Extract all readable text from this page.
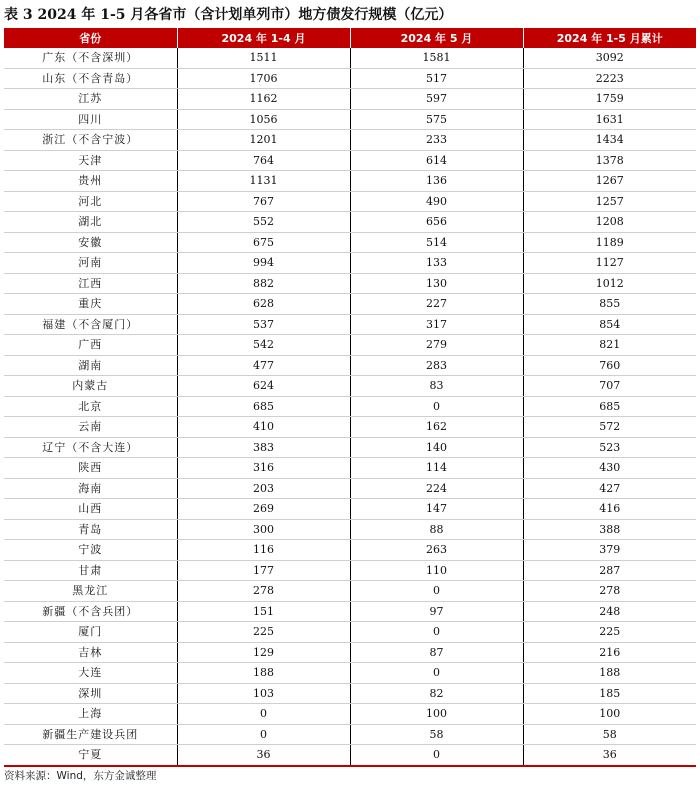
表 3 2024 年 1-5 月各省市（含计划单列市）地方债发行规模（亿元）
省份	2024 年 1-4 月	2024 年 5 月	2024 年 1-5 月累计
广东（不含深圳）	1511	1581	3092
山东（不含青岛）	1706	517	2223
江苏	1162	597	1759
四川	1056	575	1631
浙江（不含宁波）	1201	233	1434
天津	764	614	1378
贵州	1131	136	1267
河北	767	490	1257
湖北	552	656	1208
安徽	675	514	1189
河南	994	133	1127
江西	882	130	1012
重庆	628	227	855
福建（不含厦门）	537	317	854
广西	542	279	821
湖南	477	283	760
内蒙古	624	83	707
北京	685	0	685
云南	410	162	572
辽宁（不含大连）	383	140	523
陕西	316	114	430
海南	203	224	427
山西	269	147	416
青岛	300	88	388
宁波	116	263	379
甘肃	177	110	287
黑龙江	278	0	278
新疆（不含兵团）	151	97	248
厦门	225	0	225
吉林	129	87	216
大连	188	0	188
深圳	103	82	185
上海	0	100	100
新疆生产建设兵团	0	58	58
宁夏	36	0	36
资料来源：Wind，东方金诚整理
